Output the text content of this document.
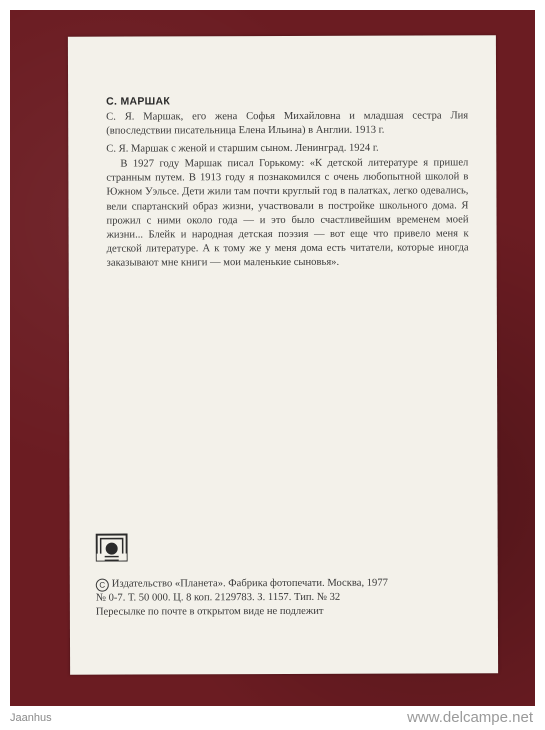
С. МАРШАК
С. Я. Маршак, его жена Софья Михайловна и младшая сестра Лия (впоследствии писательница Елена Ильина) в Англии. 1913 г.
С. Я. Маршак с женой и старшим сыном. Ленинград. 1924 г.
В 1927 году Маршак писал Горькому: «К детской литературе я пришел странным путем. В 1913 году я познакомился с очень любопытной школой в Южном Уэльсе. Дети жили там почти круглый год в палатках, легко одевались, вели спартанский образ жизни, участвовали в постройке школьного дома. Я прожил с ними около года — и это было счастливейшим временем моей жизни... Блейк и народная детская поэзия — вот еще что привело меня к детской литературе. А к тому же у меня дома есть читатели, которые иногда заказывают мне книги — мои маленькие сыновья».
С Издательство «Планета». Фабрика фотопечати. Москва, 1977
№ 0-7. Т. 50 000. Ц. 8 коп. 2129783. З. 1157. Тип. № 32
Пересылке по почте в открытом виде не подлежит
Jaanhus	www.delcampe.net
